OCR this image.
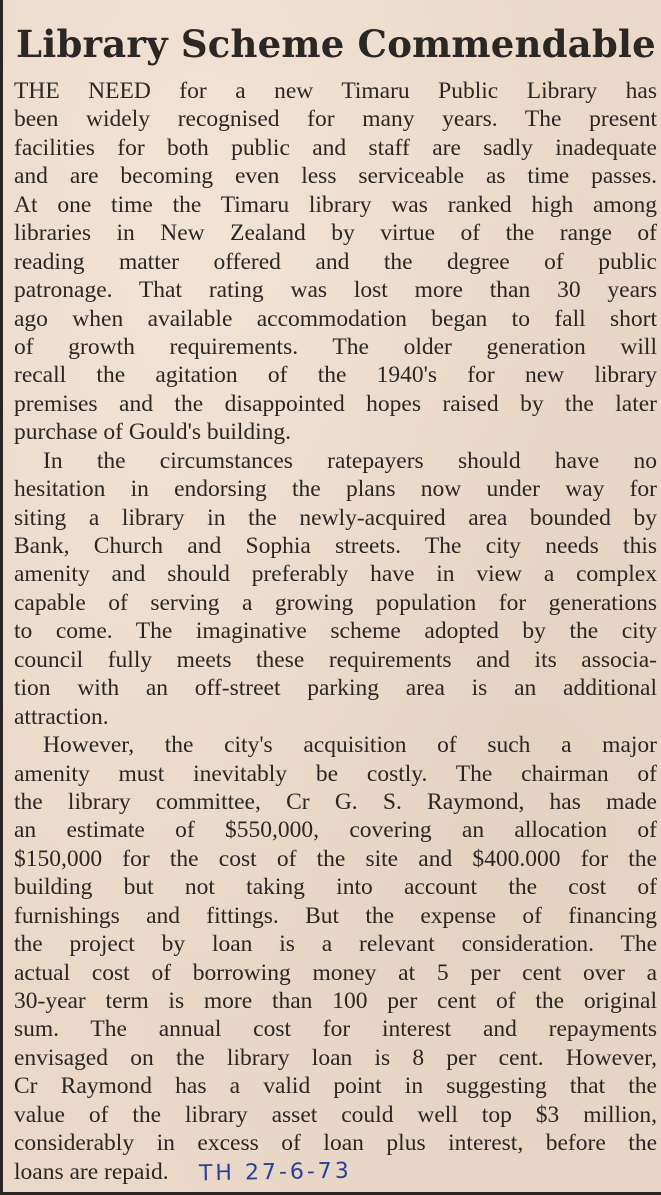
Library Scheme Commendable
THE NEED for a new Timaru Public Library has
been widely recognised for many years. The present
facilities for both public and staff are sadly inadequate
and are becoming even less serviceable as time passes.
At one time the Timaru library was ranked high among
libraries in New Zealand by virtue of the range of
reading matter offered and the degree of public
patronage. That rating was lost more than 30 years
ago when available accommodation began to fall short
of growth requirements. The older generation will
recall the agitation of the 1940's for new library
premises and the disappointed hopes raised by the later
purchase of Gould's building.
In the circumstances ratepayers should have no
hesitation in endorsing the plans now under way for
siting a library in the newly-acquired area bounded by
Bank, Church and Sophia streets. The city needs this
amenity and should preferably have in view a complex
capable of serving a growing population for generations
to come. The imaginative scheme adopted by the city
council fully meets these requirements and its associa-
tion with an off-street parking area is an additional
attraction.
However, the city's acquisition of such a major
amenity must inevitably be costly. The chairman of
the library committee, Cr G. S. Raymond, has made
an estimate of $550,000, covering an allocation of
$150,000 for the cost of the site and $400.000 for the
building but not taking into account the cost of
furnishings and fittings. But the expense of financing
the project by loan is a relevant consideration. The
actual cost of borrowing money at 5 per cent over a
30-year term is more than 100 per cent of the original
sum. The annual cost for interest and repayments
envisaged on the library loan is 8 per cent. However,
Cr Raymond has a valid point in suggesting that the
value of the library asset could well top $3 million,
considerably in excess of loan plus interest, before the
loans are repaid. TH 27-6-73
